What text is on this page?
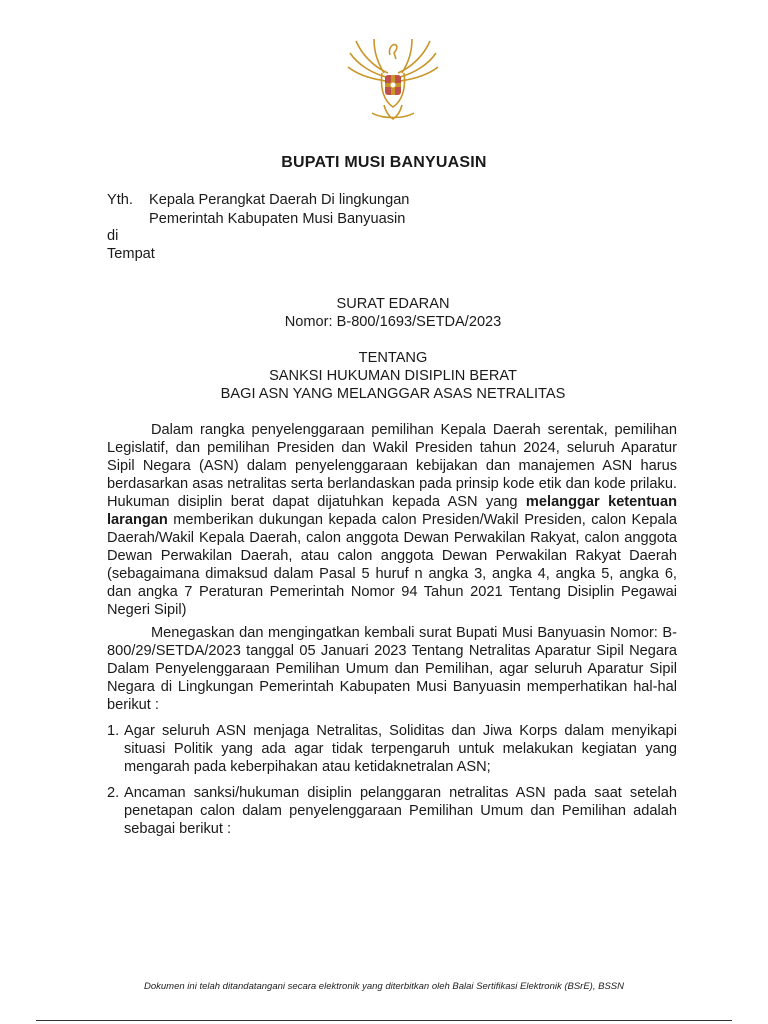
BUPATI MUSI BANYUASIN
Yth. Kepala Perangkat Daerah Di lingkungan
Pemerintah Kabupaten Musi Banyuasin
di
Tempat
SURAT EDARAN
Nomor: B-800/1693/SETDA/2023
TENTANG
SANKSI HUKUMAN DISIPLIN BERAT
BAGI ASN YANG MELANGGAR ASAS NETRALITAS
Dalam rangka penyelenggaraan pemilihan Kepala Daerah serentak, pemilihan Legislatif, dan pemilihan Presiden dan Wakil Presiden tahun 2024, seluruh Aparatur Sipil Negara (ASN) dalam penyelenggaraan kebijakan dan manajemen ASN harus berdasarkan asas netralitas serta berlandaskan pada prinsip kode etik dan kode prilaku. Hukuman disiplin berat dapat dijatuhkan kepada ASN yang melanggar ketentuan larangan memberikan dukungan kepada calon Presiden/Wakil Presiden, calon Kepala Daerah/Wakil Kepala Daerah, calon anggota Dewan Perwakilan Rakyat, calon anggota Dewan Perwakilan Daerah, atau calon anggota Dewan Perwakilan Rakyat Daerah (sebagaimana dimaksud dalam Pasal 5 huruf n angka 3, angka 4, angka 5, angka 6, dan angka 7 Peraturan Pemerintah Nomor 94 Tahun 2021 Tentang Disiplin Pegawai Negeri Sipil)
Menegaskan dan mengingatkan kembali surat Bupati Musi Banyuasin Nomor: B-800/29/SETDA/2023 tanggal 05 Januari 2023 Tentang Netralitas Aparatur Sipil Negara Dalam Penyelenggaraan Pemilihan Umum dan Pemilihan, agar seluruh Aparatur Sipil Negara di Lingkungan Pemerintah Kabupaten Musi Banyuasin memperhatikan hal-hal berikut :
1. Agar seluruh ASN menjaga Netralitas, Soliditas dan Jiwa Korps dalam menyikapi situasi Politik yang ada agar tidak terpengaruh untuk melakukan kegiatan yang mengarah pada keberpihakan atau ketidaknetralan ASN;
2. Ancaman sanksi/hukuman disiplin pelanggaran netralitas ASN pada saat setelah penetapan calon dalam penyelenggaraan Pemilihan Umum dan Pemilihan adalah sebagai berikut :
Dokumen ini telah ditandatangani secara elektronik yang diterbitkan oleh Balai Sertifikasi Elektronik (BSrE), BSSN
